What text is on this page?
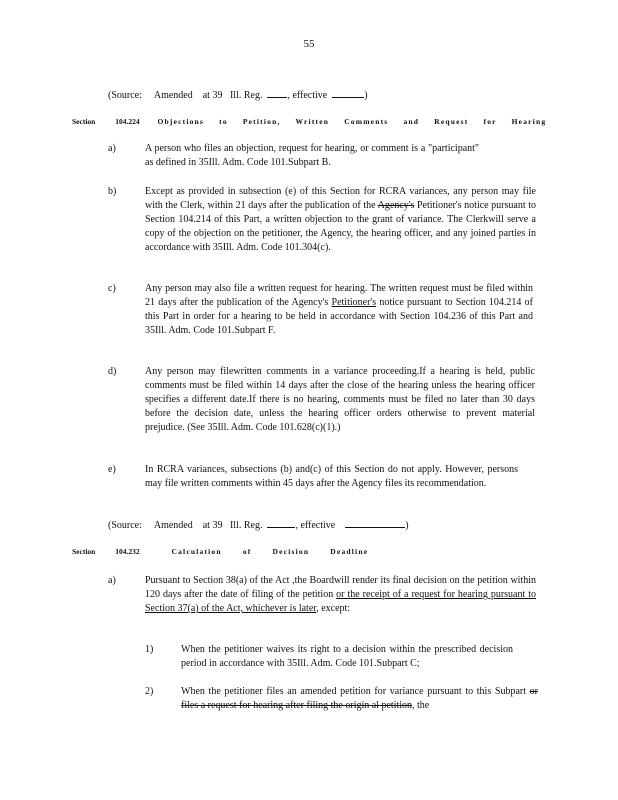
55
(Source: Amended at 39 Ill. Reg.	, effective	)
Section	104.224 Objections to Petition, Written Comments and Request for Hearing
a)	A person who files an objection, request for hearing, or comment is a "participant" as defined in 35Ill. Adm. Code 101.Subpart B.
b)	Except as provided in subsection (e) of this Section for RCRA variances, any person may file with the Clerk, within 21 days after the publication of the Agency's Petitioner's notice pursuant to Section 104.214 of this Part, a written objection to the grant of variance. The Clerkwill serve a copy of the objection on the petitioner, the Agency, the hearing officer, and any joined parties in accordance with 35Ill. Adm. Code 101.304(c).
c)	Any person may also file a written request for hearing. The written request must be filed within 21 days after the publication of the Agency's Petitioner's notice pursuant to Section 104.214 of this Part in order for a hearing to be held in accordance with Section 104.236 of this Part and 35Ill. Adm. Code 101.Subpart F.
d)	Any person may filewritten comments in a variance proceeding.If a hearing is held, public comments must be filed within 14 days after the close of the hearing unless the hearing officer specifies a different date.If there is no hearing, comments must be filed no later than 30 days before the decision date, unless the hearing officer orders otherwise to prevent material prejudice. (See 35Ill. Adm. Code 101.628(c)(1).)
e)	In RCRA variances, subsections (b) and(c) of this Section do not apply. However, persons may file written comments within 45 days after the Agency files its recommendation.
(Source: Amended at 39 Ill. Reg.	, effective	)
Section	104.232	Calculation of Decision Deadline
a)	Pursuant to Section 38(a) of the Act ,the Boardwill render its final decision on the petition within 120 days after the date of filing of the petition or the receipt of a request for hearing pursuant to Section 37(a) of the Act, whichever is later, except:
1)	When the petitioner waives its right to a decision within the prescribed decision period in accordance with 35Ill. Adm. Code 101.Subpart C;
2)	When the petitioner files an amended petition for variance pursuant to this Subpart or files a request for hearing after filing the origin al petition, the
